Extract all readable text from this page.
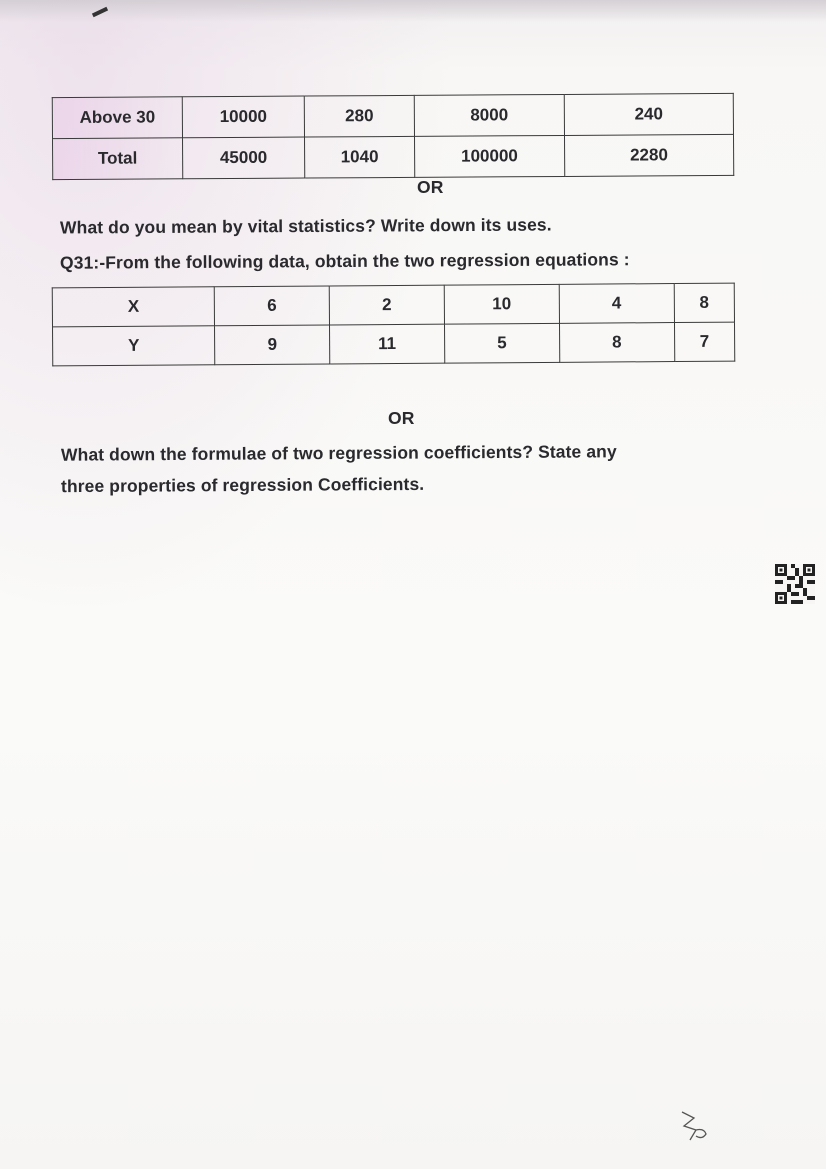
Above 30	10000	280	8000	240
Total	45000	1040	100000	2280
OR
What do you mean by vital statistics? Write down its uses.
Q31:-From the following data, obtain the two regression equations :
X	6	2	10	4	8
Y	9	11	5	8	7
OR
What down the formulae of two regression coefficients? State any
three properties of regression Coefficients.
